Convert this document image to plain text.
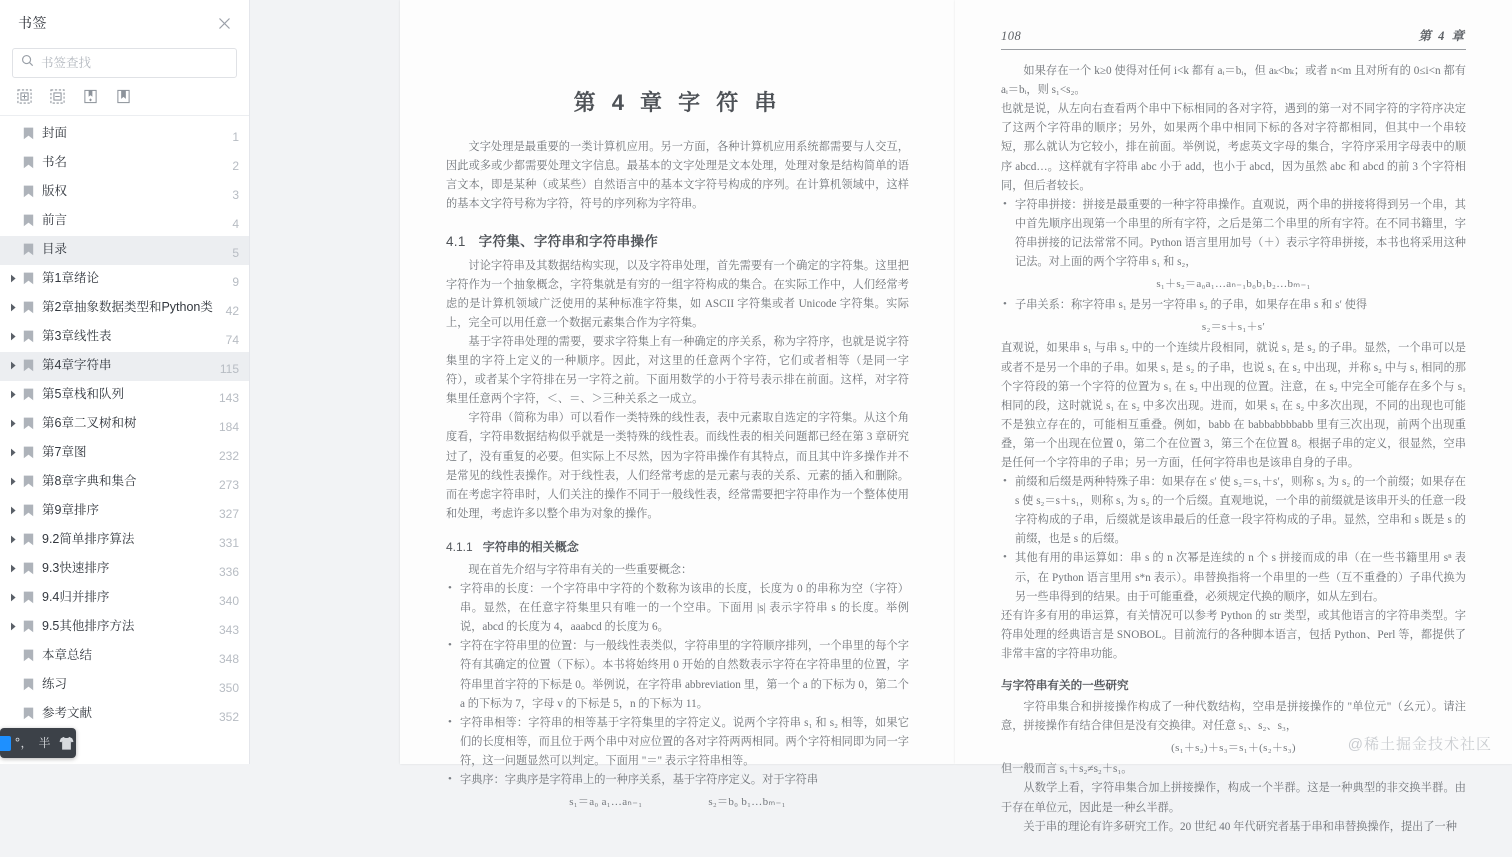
书签
书签查找
封面	1
书名	2
版权	3
前言	4
目录	5
第1章绪论	9
第2章抽象数据类型和Python类	42
第3章线性表	74
第4章字符串	115
第5章栈和队列	143
第6章二叉树和树	184
第7章图	232
第8章字典和集合	273
第9章排序	327
9.2简单排序算法	331
9.3快速排序	336
9.4归并排序	340
9.5其他排序方法	343
本章总结	348
练习	350
参考文献	352
°， 半
第 4 章 字 符 串

文字处理是最重要的一类计算机应用。另一方面，各种计算机应用系统都需要与人交互，因此或多或少都需要处理文字信息。最基本的文字处理是文本处理，处理对象是结构简单的语言文本，即是某种（或某些）自然语言中的基本文字符号构成的序列。在计算机领域中，这样的基本文字符号称为字符，符号的序列称为字符串。

4.1 字符集、字符串和字符串操作

讨论字符串及其数据结构实现，以及字符串处理，首先需要有一个确定的字符集。这里把字符作为一个抽象概念，字符集就是有穷的一组字符构成的集合。在实际工作中，人们经常考虑的是计算机领域广泛使用的某种标准字符集，如 ASCII 字符集或者 Unicode 字符集。实际上，完全可以用任意一个数据元素集合作为字符集。

基于字符串处理的需要，要求字符集上有一种确定的序关系，称为字符序，也就是说字符集里的字符上定义的一种顺序。因此，对这里的任意两个字符，它们或者相等（是同一字符），或者某个字符排在另一字符之前。下面用数学的小于符号表示排在前面。这样，对字符集里任意两个字符，＜、＝、＞三种关系之一成立。

字符串（简称为串）可以看作一类特殊的线性表，表中元素取自选定的字符集。从这个角度看，字符串数据结构似乎就是一类特殊的线性表。而线性表的相关问题都已经在第 3 章研究过了，没有重复的必要。但实际上不尽然，因为字符串操作有其特点，而且其中许多操作并不是常见的线性表操作。对于线性表，人们经常考虑的是元素与表的关系、元素的插入和删除。而在考虑字符串时，人们关注的操作不同于一般线性表，经常需要把字符串作为一个整体使用和处理，考虑许多以整个串为对象的操作。

4.1.1 字符串的相关概念

现在首先介绍与字符串有关的一些重要概念：

• 字符串的长度：一个字符串中字符的个数称为该串的长度，长度为 0 的串称为空（字符）串。显然，在任意字符集里只有唯一的一个空串。下面用 |s| 表示字符串 s 的长度。举例说，abcd 的长度为 4，aaabcd 的长度为 6。
• 字符在字符串里的位置：与一般线性表类似，字符串里的字符顺序排列，一个串里的每个字符有其确定的位置（下标）。本书将始终用 0 开始的自然数表示字符在字符串里的位置，字符串里首字符的下标是 0。举例说，在字符串 abbreviation 里，第一个 a 的下标为 0，第二个 a 的下标为 7，字母 v 的下标是 5，n 的下标为 11。
• 字符串相等：字符串的相等基于字符集里的字符定义。说两个字符串 s₁ 和 s₂ 相等，如果它们的长度相等，而且位于两个串中对应位置的各对字符两两相同。两个字符相同即为同一字符，这一问题显然可以判定。下面用 "＝" 表示字符串相等。
• 字典序：字典序是字符串上的一种序关系，基于字符序定义。对于字符串
s₁＝a₀ a₁…aₙ₋₁	s₂＝b₀ b₁…bₘ₋₁
108	第 4 章

如果存在一个 k≥0 使得对任何 i<k 都有 aᵢ＝bᵢ，但 aₖ<bₖ；或者 n<m 且对所有的 0≤i<n 都有 aᵢ＝bᵢ，则 s₁<s₂。

也就是说，从左向右查看两个串中下标相同的各对字符，遇到的第一对不同字符的字符序决定了这两个字符串的顺序；另外，如果两个串中相同下标的各对字符都相同，但其中一个串较短，那么就认为它较小，排在前面。举例说，考虑英文字母的集合，字符序采用字母表中的顺序 abcd…。这样就有字符串 abc 小于 add，也小于 abcd，因为虽然 abc 和 abcd 的前 3 个字符相同，但后者较长。

• 字符串拼接：拼接是最重要的一种字符串操作。直观说，两个串的拼接将得到另一个串，其中首先顺序出现第一个串里的所有字符，之后是第二个串里的所有字符。在不同书籍里，字符串拼接的记法常常不同。Python 语言里用加号（＋）表示字符串拼接，本书也将采用这种记法。对上面的两个字符串 s₁ 和 s₂，
s₁＋s₂＝a₀a₁…aₙ₋₁b₀b₁b₂…bₘ₋₁
• 子串关系：称字符串 s₁ 是另一字符串 s₂ 的子串，如果存在串 s 和 s′ 使得
s₂＝s＋s₁＋s′

直观说，如果串 s₁ 与串 s₂ 中的一个连续片段相同，就说 s₁ 是 s₂ 的子串。显然，一个串可以是或者不是另一个串的子串。如果 s₁ 是 s₂ 的子串，也说 s₁ 在 s₂ 中出现，并称 s₂ 中与 s₁ 相同的那个字符段的第一个字符的位置为 s₁ 在 s₂ 中出现的位置。注意，在 s₂ 中完全可能存在多个与 s₁ 相同的段，这时就说 s₁ 在 s₂ 中多次出现。进而，如果 s₁ 在 s₂ 中多次出现，不同的出现也可能不是独立存在的，可能相互重叠。例如，babb 在 babbabbbbabb 里有三次出现，前两个出现重叠，第一个出现在位置 0，第二个在位置 3，第三个在位置 8。根据子串的定义，很显然，空串是任何一个字符串的子串；另一方面，任何字符串也是该串自身的子串。

• 前缀和后缀是两种特殊子串：如果存在 s′ 使 s₂＝s₁＋s′，则称 s₁ 为 s₂ 的一个前缀；如果存在 s 使 s₂＝s＋s₁，则称 s₁ 为 s₂ 的一个后缀。直观地说，一个串的前缀就是该串开头的任意一段字符构成的子串，后缀就是该串最后的任意一段字符构成的子串。显然，空串和 s 既是 s 的前缀，也是 s 的后缀。
• 其他有用的串运算如：串 s 的 n 次幂是连续的 n 个 s 拼接而成的串（在一些书籍里用 sⁿ 表示，在 Python 语言里用 s*n 表示）。串替换指将一个串里的一些（互不重叠的）子串代换为另一些串得到的结果。由于可能重叠，必须规定代换的顺序，如从左到右。

还有许多有用的串运算，有关情况可以参考 Python 的 str 类型，或其他语言的字符串类型。字符串处理的经典语言是 SNOBOL。目前流行的各种脚本语言，包括 Python、Perl 等，都提供了非常丰富的字符串功能。

与字符串有关的一些研究

字符串集合和拼接操作构成了一种代数结构，空串是拼接操作的 "单位元"（幺元）。请注意，拼接操作有结合律但是没有交换律。对任意 s₁、s₂、s₃，

(s₁＋s₂)＋s₃＝s₁＋(s₂＋s₃)

但一般而言 s₁＋s₂≠s₂＋s₁。

从数学上看，字符串集合加上拼接操作，构成一个半群。这是一种典型的非交换半群。由于存在单位元，因此是一种幺半群。

关于串的理论有许多研究工作。20 世纪 40 年代研究者基于串和串替换操作，提出了一种

@稀土掘金技术社区
